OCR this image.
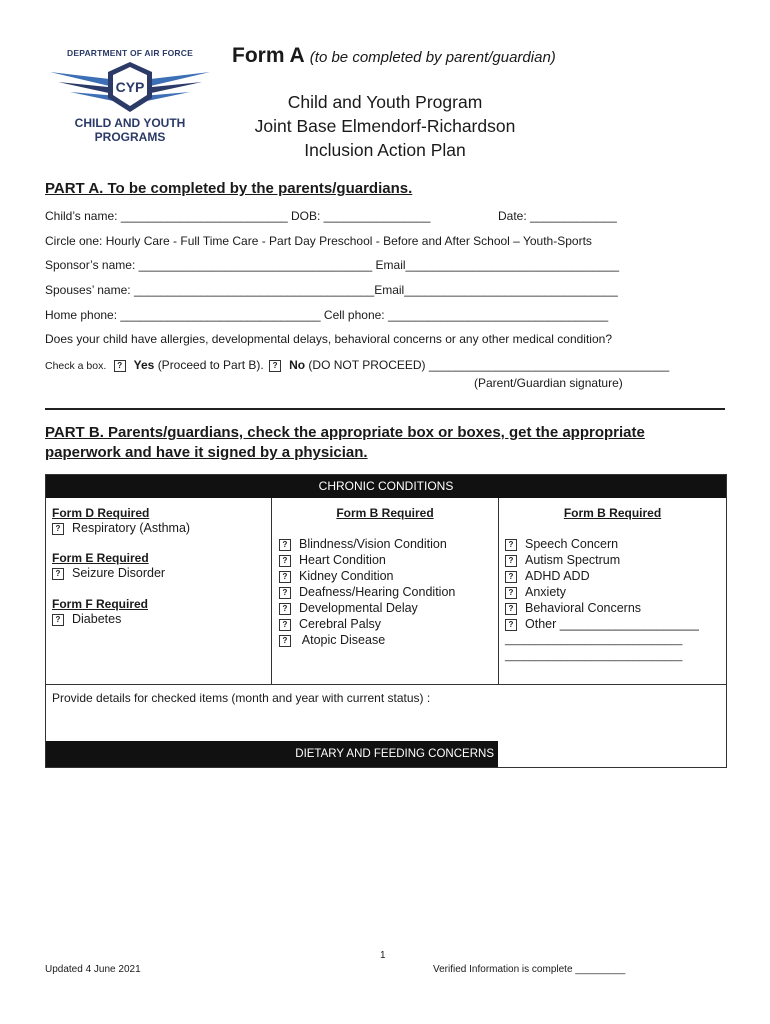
DEPARTMENT OF AIR FORCE
CYP
CHILD AND YOUTH
PROGRAMS
Form A (to be completed by parent/guardian)
Child and Youth Program
Joint Base Elmendorf-Richardson
Inclusion Action Plan
PART A. To be completed by the parents/guardians.
Child’s name: _________________________ DOB: ________________	Date: _____________
Circle one: Hourly Care - Full Time Care - Part Day Preschool - Before and After School – Youth-Sports
Sponsor’s name: ___________________________________ Email________________________________
Spouses’ name: ____________________________________Email________________________________
Home phone: ______________________________ Cell phone: _________________________________
Does your child have allergies, developmental delays, behavioral concerns or any other medical condition?
Check a box. ? Yes (Proceed to Part B). ? No (DO NOT PROCEED) ____________________________________
(Parent/Guardian signature)
PART B. Parents/guardians, check the appropriate box or boxes, get the appropriate
paperwork and have it signed by a physician.
CHRONIC CONDITIONS
Form D Required
? Respiratory (Asthma)
Form E Required
? Seizure Disorder
Form F Required
? Diabetes
Form B Required
? Blindness/Vision Condition
? Heart Condition
? Kidney Condition
? Deafness/Hearing Condition
? Developmental Delay
? Cerebral Palsy
? Atopic Disease
Form B Required
? Speech Concern
? Autism Spectrum
? ADHD ADD
? Anxiety
? Behavioral Concerns
? Other ____________________
_____________________________
_____________________________
Provide details for checked items (month and year with current status) :
DIETARY AND FEEDING CONCERNS
1
Updated 4 June 2021	Verified Information is complete _________
